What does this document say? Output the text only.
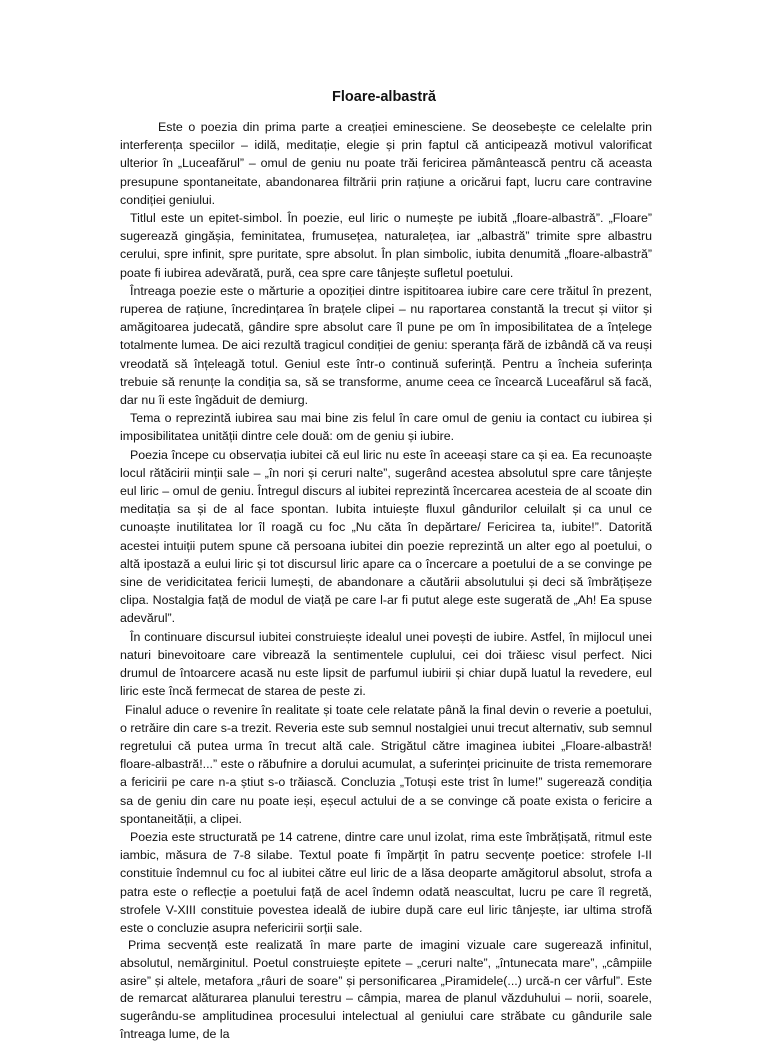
Floare-albastră

Este o poezia din prima parte a creației eminesciene. Se deosebește ce celelalte prin interferența speciilor – idilă, meditație, elegie și prin faptul că anticipează motivul valorificat ulterior în „Luceafărul” – omul de geniu nu poate trăi fericirea pământească pentru că aceasta presupune spontaneitate, abandonarea filtrării prin rațiune a oricărui fapt, lucru care contravine condiției geniului.

Titlul este un epitet-simbol. În poezie, eul liric o numește pe iubită „floare-albastră”. „Floare” sugerează gingășia, feminitatea, frumusețea, naturalețea, iar „albastră” trimite spre albastru cerului, spre infinit, spre puritate, spre absolut. În plan simbolic, iubita denumită „floare-albastră” poate fi iubirea adevărată, pură, cea spre care tânjește sufletul poetului.

Întreaga poezie este o mărturie a opoziției dintre ispititoarea iubire care cere trăitul în prezent, ruperea de rațiune, încredințarea în brațele clipei – nu raportarea constantă la trecut și viitor și amăgitoarea judecată, gândire spre absolut care îl pune pe om în imposibilitatea de a înțelege totalmente lumea. De aici rezultă tragicul condiției de geniu: speranța fără de izbândă că va reuși vreodată să înțeleagă totul. Geniul este într-o continuă suferință. Pentru a încheia suferința trebuie să renunțe la condiția sa, să se transforme, anume ceea ce încearcă Luceafărul să facă, dar nu îi este îngăduit de demiurg.

Tema o reprezintă iubirea sau mai bine zis felul în care omul de geniu ia contact cu iubirea și imposibilitatea unității dintre cele două: om de geniu și iubire.

Poezia începe cu observația iubitei că eul liric nu este în aceeași stare ca și ea. Ea recunoaște locul rătăcirii minții sale – „în nori și ceruri nalte”, sugerând acestea absolutul spre care tânjește eul liric – omul de geniu. Întregul discurs al iubitei reprezintă încercarea acesteia de al scoate din meditația sa și de al face spontan. Iubita intuiește fluxul gândurilor celuilalt și ca unul ce cunoaște inutilitatea lor îl roagă cu foc „Nu căta în depărtare/ Fericirea ta, iubite!”. Datorită acestei intuiții putem spune că persoana iubitei din poezie reprezintă un alter ego al poetului, o altă ipostază a eului liric și tot discursul liric apare ca o încercare a poetului de a se convinge pe sine de veridicitatea fericii lumești, de abandonare a căutării absolutului și deci să îmbrățișeze clipa. Nostalgia față de modul de viață pe care l-ar fi putut alege este sugerată de „Ah! Ea spuse adevărul”.

În continuare discursul iubitei construiește idealul unei povești de iubire. Astfel, în mijlocul unei naturi binevoitoare care vibrează la sentimentele cuplului, cei doi trăiesc visul perfect. Nici drumul de întoarcere acasă nu este lipsit de parfumul iubirii și chiar după luatul la revedere, eul liric este încă fermecat de starea de peste zi.

Finalul aduce o revenire în realitate și toate cele relatate până la final devin o reverie a poetului, o retrăire din care s-a trezit. Reveria este sub semnul nostalgiei unui trecut alternativ, sub semnul regretului că putea urma în trecut altă cale. Strigătul către imaginea iubitei „Floare-albastră! floare-albastră!...” este o răbufnire a dorului acumulat, a suferinței pricinuite de trista rememorare a fericirii pe care n-a știut s-o trăiască. Concluzia „Totuși este trist în lume!” sugerează condiția sa de geniu din care nu poate ieși, eșecul actului de a se convinge că poate exista o fericire a spontaneității, a clipei.

Poezia este structurată pe 14 catrene, dintre care unul izolat, rima este îmbrățișată, ritmul este iambic, măsura de 7-8 silabe. Textul poate fi împărțit în patru secvențe poetice: strofele I-II constituie îndemnul cu foc al iubitei către eul liric de a lăsa deoparte amăgitorul absolut, strofa a patra este o reflecție a poetului față de acel îndemn odată neascultat, lucru pe care îl regretă, strofele V-XIII constituie povestea ideală de iubire după care eul liric tânjește, iar ultima strofă este o concluzie asupra nefericirii sorții sale.

Prima secvență este realizată în mare parte de imagini vizuale care sugerează infinitul, absolutul, nemărginitul. Poetul construiește epitete – „ceruri nalte”, „întunecata mare”, „câmpiile asire” și altele, metafora „râuri de soare” și personificarea „Piramidele(...) urcă-n cer vârful”. Este de remarcat alăturarea planului terestru – câmpia, marea de planul văzduhului – norii, soarele, sugerându-se amplitudinea procesului intelectual al geniului care străbate cu gândurile sale întreaga lume, de la
